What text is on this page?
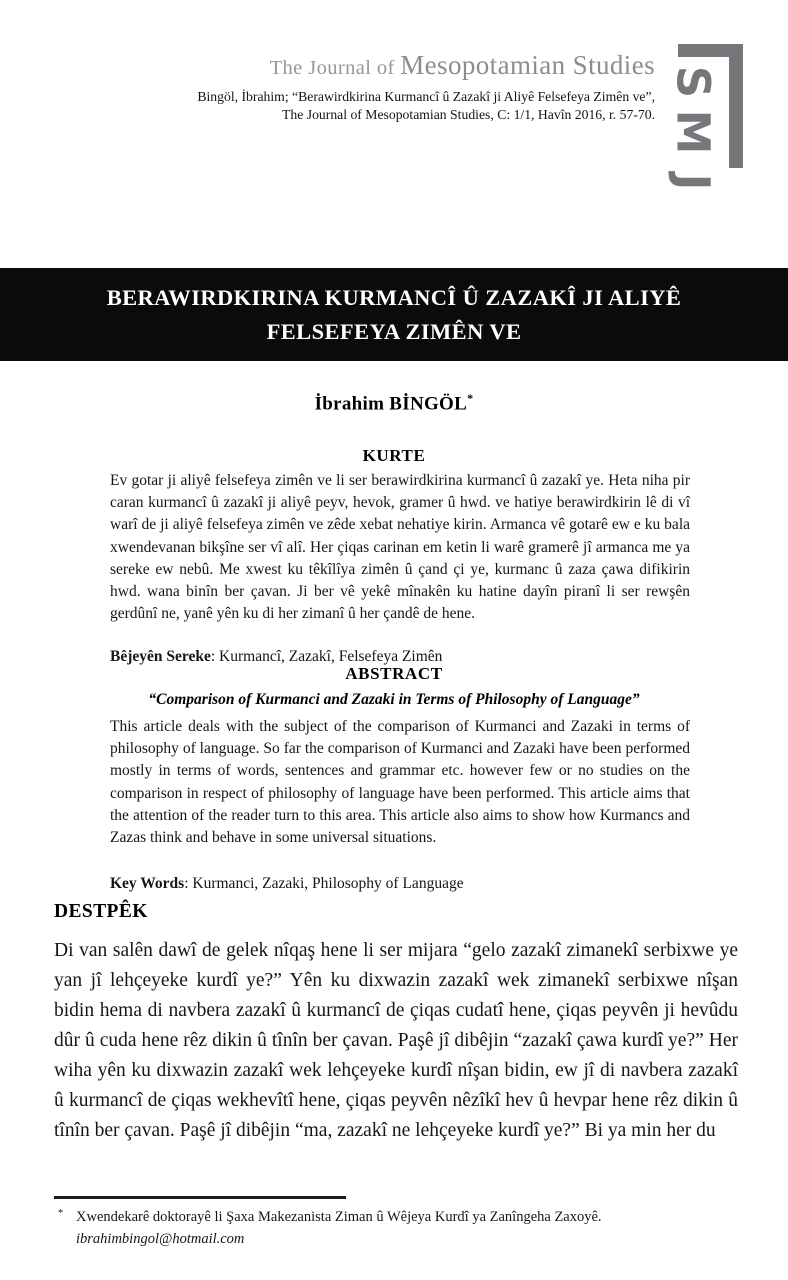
The Journal of Mesopotamian Studies
Bingöl, İbrahim; “Berawirdkirina Kurmancî û Zazakî ji Aliyê Felsefeya Zimên ve”,
The Journal of Mesopotamian Studies, C: 1/1, Havîn 2016, r. 57-70.
S
M
J
BERAWIRDKIRINA KURMANCÎ Û ZAZAKÎ JI ALIYÊ
FELSEFEYA ZIMÊN VE
İbrahim BİNGÖL*
KURTE
Ev gotar ji aliyê felsefeya zimên ve li ser berawirdkirina kurmancî û zazakî ye. Heta niha pir caran kurmancî û zazakî ji aliyê peyv, hevok, gramer û hwd. ve hatiye berawirdkirin lê di vî warî de ji aliyê felsefeya zimên ve zêde xebat nehatiye kirin. Armanca vê gotarê ew e ku bala xwendevanan bikşîne ser vî alî. Her çiqas carinan em ketin li warê gramerê jî armanca me ya sereke ew nebû. Me xwest ku têkîlîya zimên û çand çi ye, kurmanc û zaza çawa difikirin hwd. wana binîn ber çavan. Ji ber vê yekê mînakên ku hatine dayîn piranî li ser rewşên gerdûnî ne, yanê yên ku di her zimanî û her çandê de hene.
Bêjeyên Sereke: Kurmancî, Zazakî, Felsefeya Zimên
ABSTRACT
“Comparison of Kurmanci and Zazaki in Terms of Philosophy of Language”
This article deals with the subject of the comparison of Kurmanci and Zazaki in terms of philosophy of language. So far the comparison of Kurmanci and Zazaki have been performed mostly in terms of words, sentences and grammar etc. however few or no studies on the comparison in respect of philosophy of language have been performed. This article aims that the attention of the reader turn to this area. This article also aims to show how Kurmancs and Zazas think and behave in some universal situations.
Key Words: Kurmanci, Zazaki, Philosophy of Language
DESTPÊK
Di van salên dawî de gelek nîqaş hene li ser mijara “gelo zazakî zimanekî serbixwe ye yan jî lehçeyeke kurdî ye?” Yên ku dixwazin zazakî wek zimanekî serbixwe nîşan bidin hema di navbera zazakî û kurmancî de çiqas cudatî hene, çiqas peyvên ji hevûdu dûr û cuda hene rêz dikin û tînîn ber çavan. Paşê jî dibêjin “zazakî çawa kurdî ye?” Her wiha yên ku dixwazin zazakî wek lehçeyeke kurdî nîşan bidin, ew jî di navbera zazakî û kurmancî de çiqas wekhevîtî hene, çiqas peyvên nêzîkî hev û hevpar hene rêz dikin û tînîn ber çavan. Paşê jî dibêjin “ma, zazakî ne lehçeyeke kurdî ye?” Bi ya min her du
* Xwendekarê doktorayê li Şaxa Makezanista Ziman û Wêjeya Kurdî ya Zanîngeha Zaxoyê.
ibrahimbingol@hotmail.com
